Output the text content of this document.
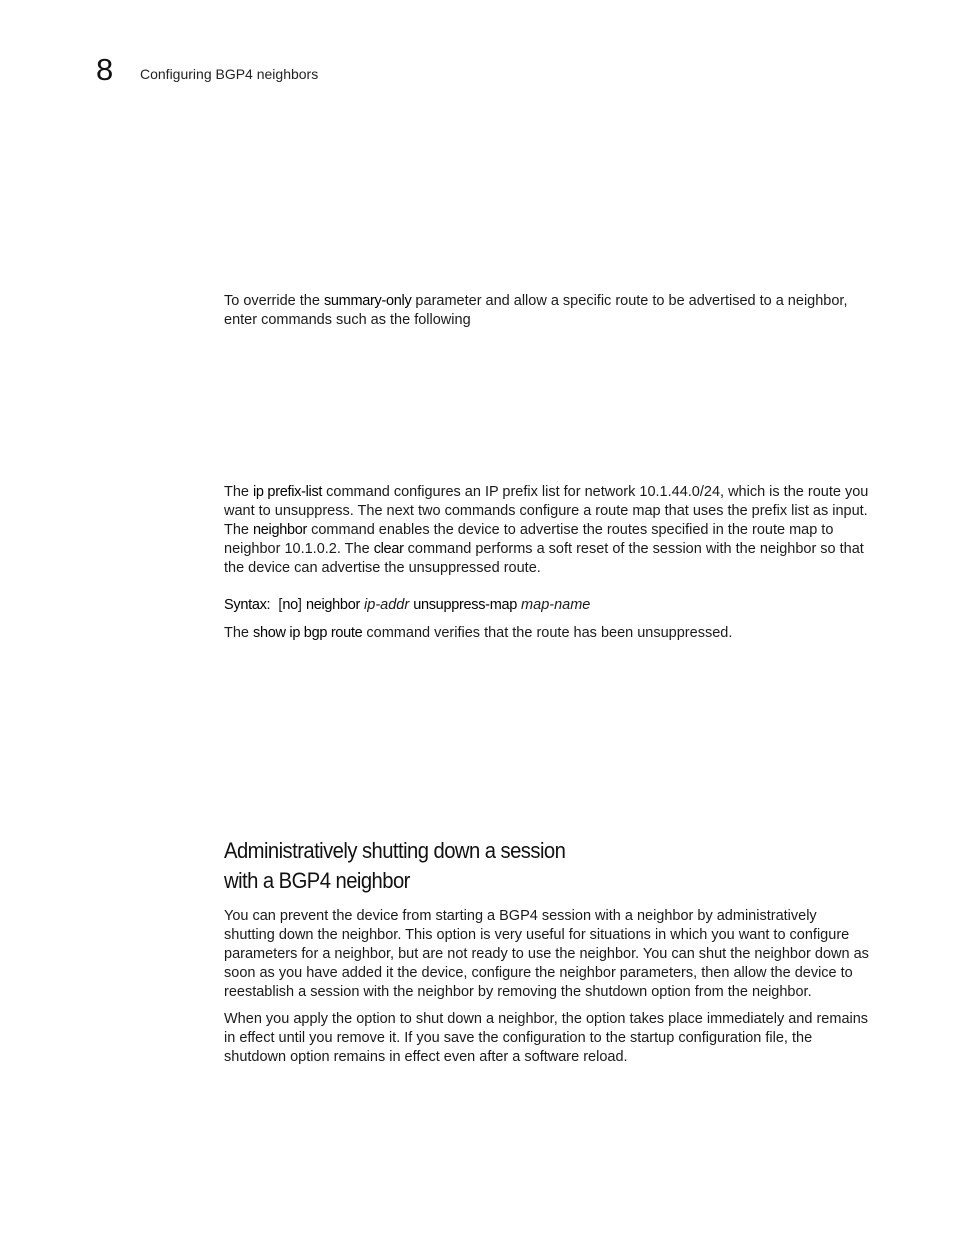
8 Configuring BGP4 neighbors

To override the summary-only parameter and allow a specific route to be advertised to a neighbor, enter commands such as the following

The ip prefix-list command configures an IP prefix list for network 10.1.44.0/24, which is the route you want to unsuppress. The next two commands configure a route map that uses the prefix list as input. The neighbor command enables the device to advertise the routes specified in the route map to neighbor 10.1.0.2. The clear command performs a soft reset of the session with the neighbor so that the device can advertise the unsuppressed route.

Syntax: [no] neighbor ip-addr unsuppress-map map-name

The show ip bgp route command verifies that the route has been unsuppressed.

Administratively shutting down a session
with a BGP4 neighbor

You can prevent the device from starting a BGP4 session with a neighbor by administratively shutting down the neighbor. This option is very useful for situations in which you want to configure parameters for a neighbor, but are not ready to use the neighbor. You can shut the neighbor down as soon as you have added it the device, configure the neighbor parameters, then allow the device to reestablish a session with the neighbor by removing the shutdown option from the neighbor.

When you apply the option to shut down a neighbor, the option takes place immediately and remains in effect until you remove it. If you save the configuration to the startup configuration file, the shutdown option remains in effect even after a software reload.
